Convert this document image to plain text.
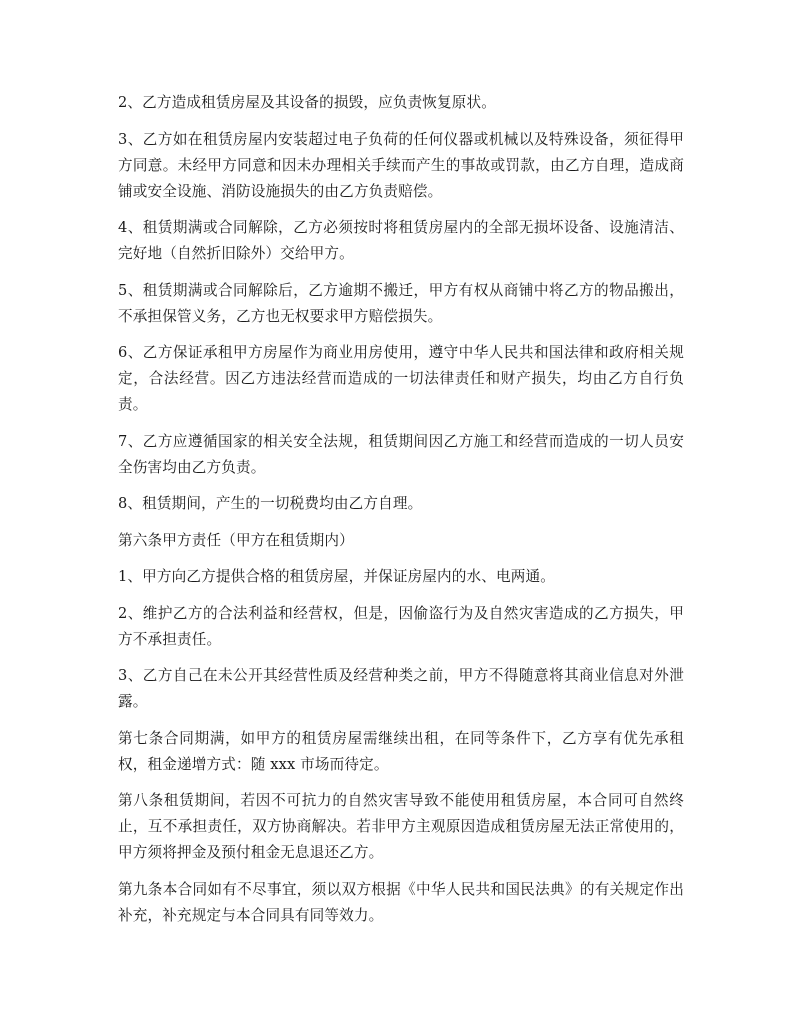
2、乙方造成租赁房屋及其设备的损毁，应负责恢复原状。

3、乙方如在租赁房屋内安装超过电子负荷的任何仪器或机械以及特殊设备，须征得甲方同意。未经甲方同意和因未办理相关手续而产生的事故或罚款，由乙方自理，造成商铺或安全设施、消防设施损失的由乙方负责赔偿。

4、租赁期满或合同解除，乙方必须按时将租赁房屋内的全部无损坏设备、设施清洁、完好地（自然折旧除外）交给甲方。

5、租赁期满或合同解除后，乙方逾期不搬迁，甲方有权从商铺中将乙方的物品搬出，不承担保管义务，乙方也无权要求甲方赔偿损失。

6、乙方保证承租甲方房屋作为商业用房使用，遵守中华人民共和国法律和政府相关规定，合法经营。因乙方违法经营而造成的一切法律责任和财产损失，均由乙方自行负责。

7、乙方应遵循国家的相关安全法规，租赁期间因乙方施工和经营而造成的一切人员安全伤害均由乙方负责。

8、租赁期间，产生的一切税费均由乙方自理。

第六条甲方责任（甲方在租赁期内）

1、甲方向乙方提供合格的租赁房屋，并保证房屋内的水、电两通。

2、维护乙方的合法利益和经营权，但是，因偷盗行为及自然灾害造成的乙方损失，甲方不承担责任。

3、乙方自己在未公开其经营性质及经营种类之前，甲方不得随意将其商业信息对外泄露。

第七条合同期满，如甲方的租赁房屋需继续出租，在同等条件下，乙方享有优先承租权，租金递增方式：随 xxx 市场而待定。

第八条租赁期间，若因不可抗力的自然灾害导致不能使用租赁房屋，本合同可自然终止，互不承担责任，双方协商解决。若非甲方主观原因造成租赁房屋无法正常使用的，甲方须将押金及预付租金无息退还乙方。

第九条本合同如有不尽事宜，须以双方根据《中华人民共和国民法典》的有关规定作出补充，补充规定与本合同具有同等效力。
